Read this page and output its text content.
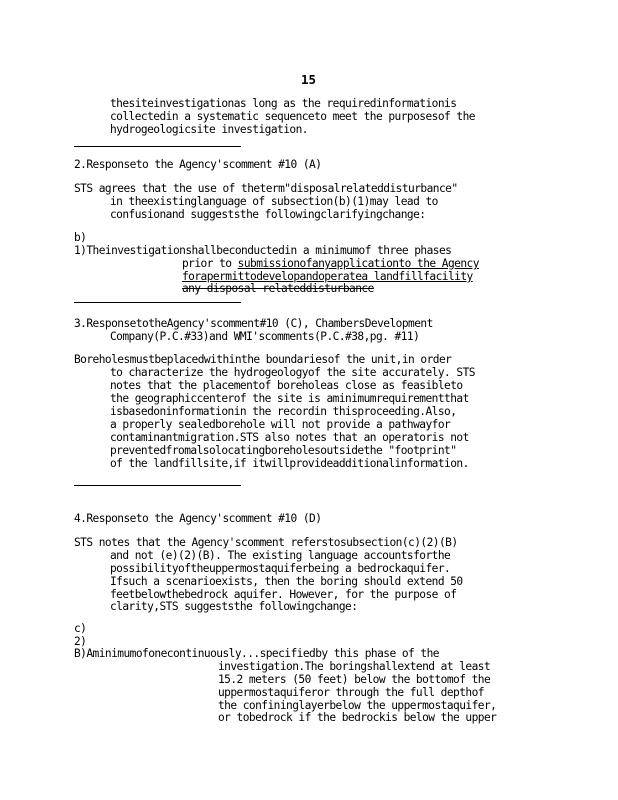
15
thesiteinvestigationas long as the requiredinformationis
collectedin a systematic sequenceto meet the purposesof the
hydrogeologicsite investigation.
2.Responseto the Agency'scomment #10 (A)
STS agrees that the use of theterm"disposalrelateddisturbance"
in theexistinglanguage of subsection(b)(1)may lead to
confusionand suggeststhe followingclarifyingchange:
b)
1)Theinvestigationshallbeconductedin a minimumof three phases
prior to submissionofanyapplicationto the Agency
forapermittodevelopandoperatea landfillfacility
any disposal relateddisturbance
3.ResponsetotheAgency'scomment#10 (C), ChambersDevelopment
Company(P.C.#33)and WMI'scomments(P.C.#38,pg. #11)
Boreholesmustbeplacedwithinthe boundariesof the unit,in order
to characterize the hydrogeologyof the site accurately. STS
notes that the placementof boreholeas close as feasibleto
the geographiccenterof the site is aminimumrequirementthat
isbasedoninformationin the recordin thisproceeding.Also,
a properly sealedborehole will not provide a pathwayfor
contaminantmigration.STS also notes that an operatoris not
preventedfromalsolocatingboreholesoutsidethe "footprint"
of the landfillsite,if itwillprovideadditionalinformation.
4.Responseto the Agency'scomment #10 (D)
STS notes that the Agency'scomment referstosubsection(c)(2)(B)
and not (e)(2)(B). The existing language accountsforthe
possibilityoftheuppermostaquiferbeing a bedrockaquifer.
Ifsuch a scenarioexists, then the boring should extend 50
feetbelowthebedrock aquifer. However, for the purpose of
clarity,STS suggeststhe followingchange:
c)
2)
B)Aminimumofonecontinuously...specifiedby this phase of the
investigation.The boringshallextend at least
15.2 meters (50 feet) below the bottomof the
uppermostaquiferor through the full depthof
the confininglayerbelow the uppermostaquifer,
or tobedrock if the bedrockis below the upper
